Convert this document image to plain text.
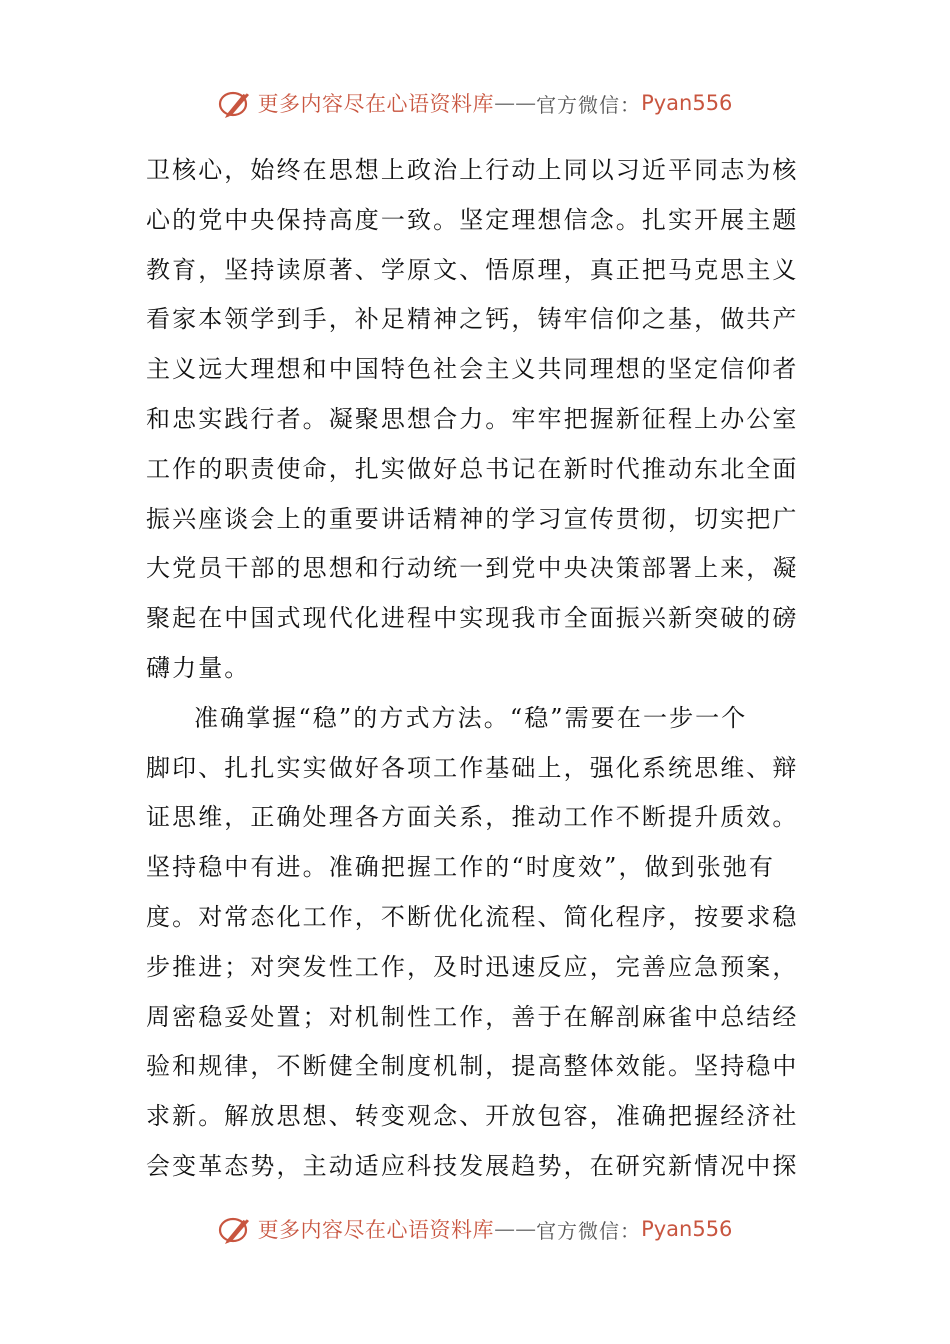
更多内容尽在心语资料库 —— 官方微信： Pyan556
卫核心，始终在思想上政治上行动上同以习近平同志为核
心的党中央保持高度一致。坚定理想信念。扎实开展主题
教育，坚持读原著、学原文、悟原理，真正把马克思主义
看家本领学到手，补足精神之钙，铸牢信仰之基，做共产
主义远大理想和中国特色社会主义共同理想的坚定信仰者
和忠实践行者。凝聚思想合力。牢牢把握新征程上办公室
工作的职责使命，扎实做好总书记在新时代推动东北全面
振兴座谈会上的重要讲话精神的学习宣传贯彻，切实把广
大党员干部的思想和行动统一到党中央决策部署上来，凝
聚起在中国式现代化进程中实现我市全面振兴新突破的磅
礴力量。
准确掌握“稳”的方式方法。“稳”需要在一步一个
脚印、扎扎实实做好各项工作基础上，强化系统思维、辩
证思维，正确处理各方面关系，推动工作不断提升质效。
坚持稳中有进。准确把握工作的“时度效”，做到张弛有
度。对常态化工作，不断优化流程、简化程序，按要求稳
步推进；对突发性工作，及时迅速反应，完善应急预案，
周密稳妥处置；对机制性工作，善于在解剖麻雀中总结经
验和规律，不断健全制度机制，提高整体效能。坚持稳中
求新。解放思想、转变观念、开放包容，准确把握经济社
会变革态势，主动适应科技发展趋势，在研究新情况中探
更多内容尽在心语资料库 —— 官方微信： Pyan556
